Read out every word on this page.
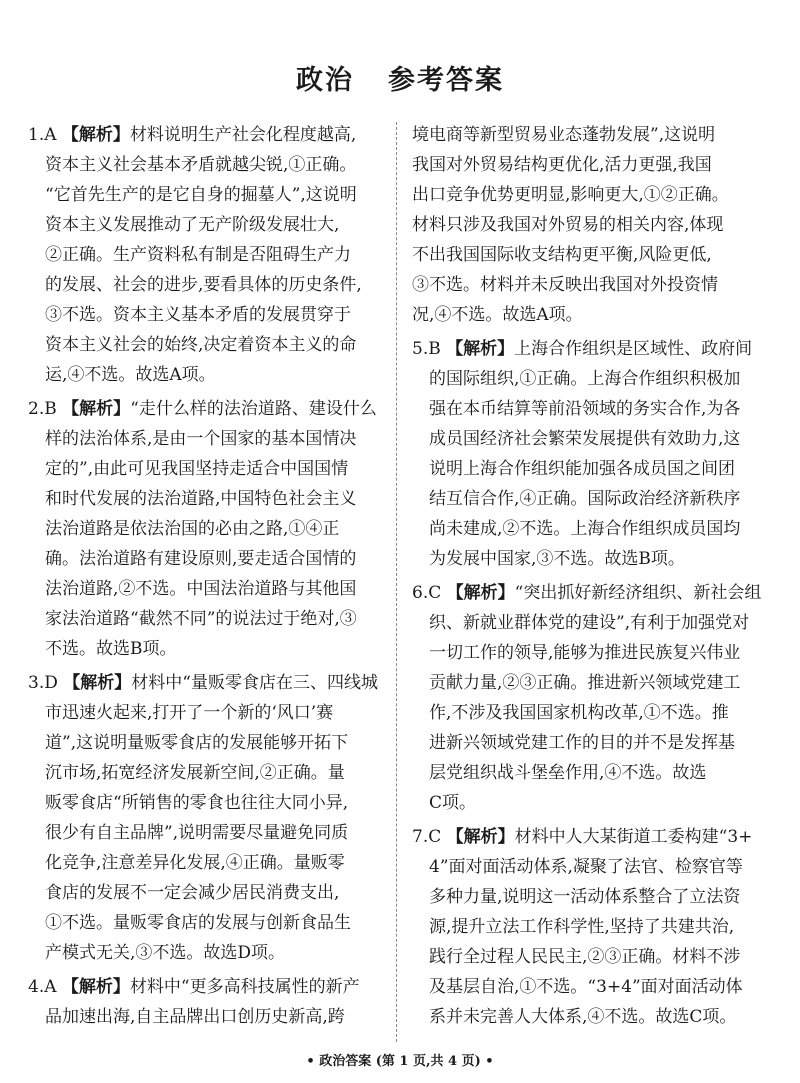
政治 参考答案
1.A 【解析】材料说明生产社会化程度越高,
资本主义社会基本矛盾就越尖锐,①正确。
“它首先生产的是它自身的掘墓人”,这说明
资本主义发展推动了无产阶级发展壮大,
②正确。生产资料私有制是否阻碍生产力
的发展、社会的进步,要看具体的历史条件,
③不选。资本主义基本矛盾的发展贯穿于
资本主义社会的始终,决定着资本主义的命
运,④不选。故选A项。
2.B 【解析】“走什么样的法治道路、建设什么
样的法治体系,是由一个国家的基本国情决
定的”,由此可见我国坚持走适合中国国情
和时代发展的法治道路,中国特色社会主义
法治道路是依法治国的必由之路,①④正
确。法治道路有建设原则,要走适合国情的
法治道路,②不选。中国法治道路与其他国
家法治道路“截然不同”的说法过于绝对,③
不选。故选B项。
3.D 【解析】材料中“量贩零食店在三、四线城
市迅速火起来,打开了一个新的‘风口’赛
道”,这说明量贩零食店的发展能够开拓下
沉市场,拓宽经济发展新空间,②正确。量
贩零食店“所销售的零食也往往大同小异,
很少有自主品牌”,说明需要尽量避免同质
化竞争,注意差异化发展,④正确。量贩零
食店的发展不一定会减少居民消费支出,
①不选。量贩零食店的发展与创新食品生
产模式无关,③不选。故选D项。
4.A 【解析】材料中“更多高科技属性的新产
品加速出海,自主品牌出口创历史新高,跨
境电商等新型贸易业态蓬勃发展”,这说明
我国对外贸易结构更优化,活力更强,我国
出口竞争优势更明显,影响更大,①②正确。
材料只涉及我国对外贸易的相关内容,体现
不出我国国际收支结构更平衡,风险更低,
③不选。材料并未反映出我国对外投资情
况,④不选。故选A项。
5.B 【解析】上海合作组织是区域性、政府间
的国际组织,①正确。上海合作组织积极加
强在本币结算等前沿领域的务实合作,为各
成员国经济社会繁荣发展提供有效助力,这
说明上海合作组织能加强各成员国之间团
结互信合作,④正确。国际政治经济新秩序
尚未建成,②不选。上海合作组织成员国均
为发展中国家,③不选。故选B项。
6.C 【解析】“突出抓好新经济组织、新社会组
织、新就业群体党的建设”,有利于加强党对
一切工作的领导,能够为推进民族复兴伟业
贡献力量,②③正确。推进新兴领域党建工
作,不涉及我国国家机构改革,①不选。推
进新兴领域党建工作的目的并不是发挥基
层党组织战斗堡垒作用,④不选。故选
C项。
7.C 【解析】材料中人大某街道工委构建“3+
4”面对面活动体系,凝聚了法官、检察官等
多种力量,说明这一活动体系整合了立法资
源,提升立法工作科学性,坚持了共建共治,
践行全过程人民民主,②③正确。材料不涉
及基层自治,①不选。“3+4”面对面活动体
系并未完善人大体系,④不选。故选C项。
• 政治答案 (第 1 页,共 4 页) •
